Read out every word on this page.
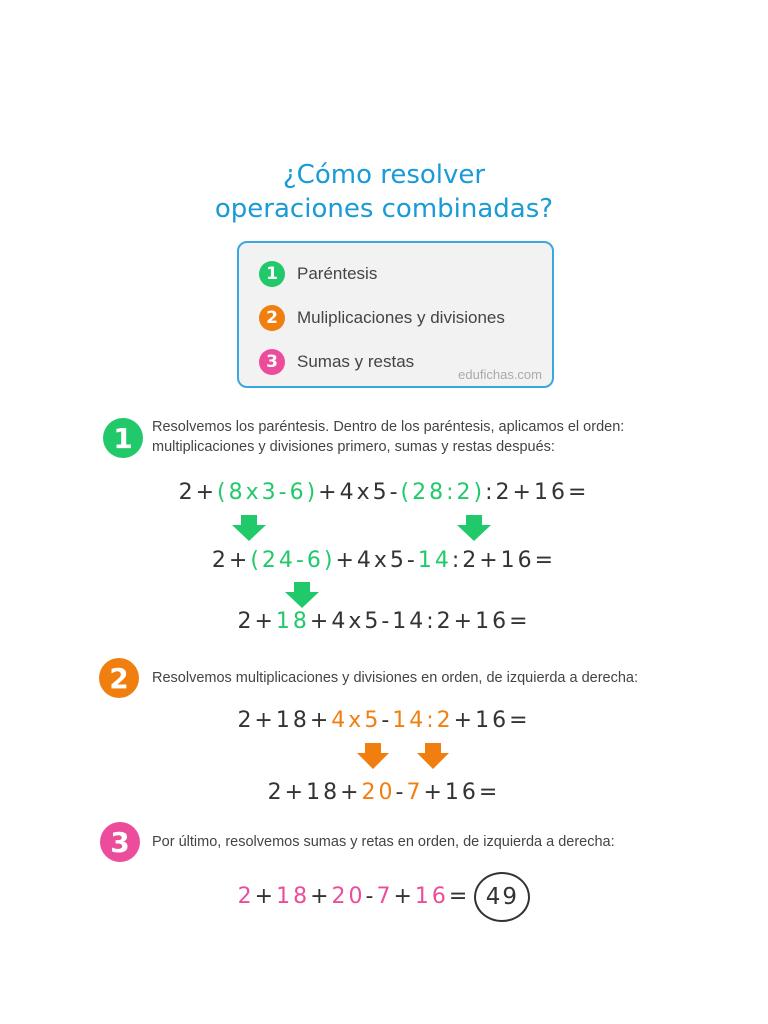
¿Cómo resolver
operaciones combinadas?
1	Paréntesis
2	Muliplicaciones y divisiones
3	Sumas y restas
edufichas.com
1	Resolvemos los paréntesis. Dentro de los paréntesis, aplicamos el orden: multiplicaciones y divisiones primero, sumas y restas después:
2+(8x3-6)+4x5-(28:2):2+16=
2+(24-6)+4x5-14:2+16=
2+18+4x5-14:2+16=
2	Resolvemos multiplicaciones y divisiones en orden, de izquierda a derecha:
2+18+4x5-14:2+16=
2+18+20-7+16=
3	Por último, resolvemos sumas y retas en orden, de izquierda a derecha:
2+18+20-7+16= 49
